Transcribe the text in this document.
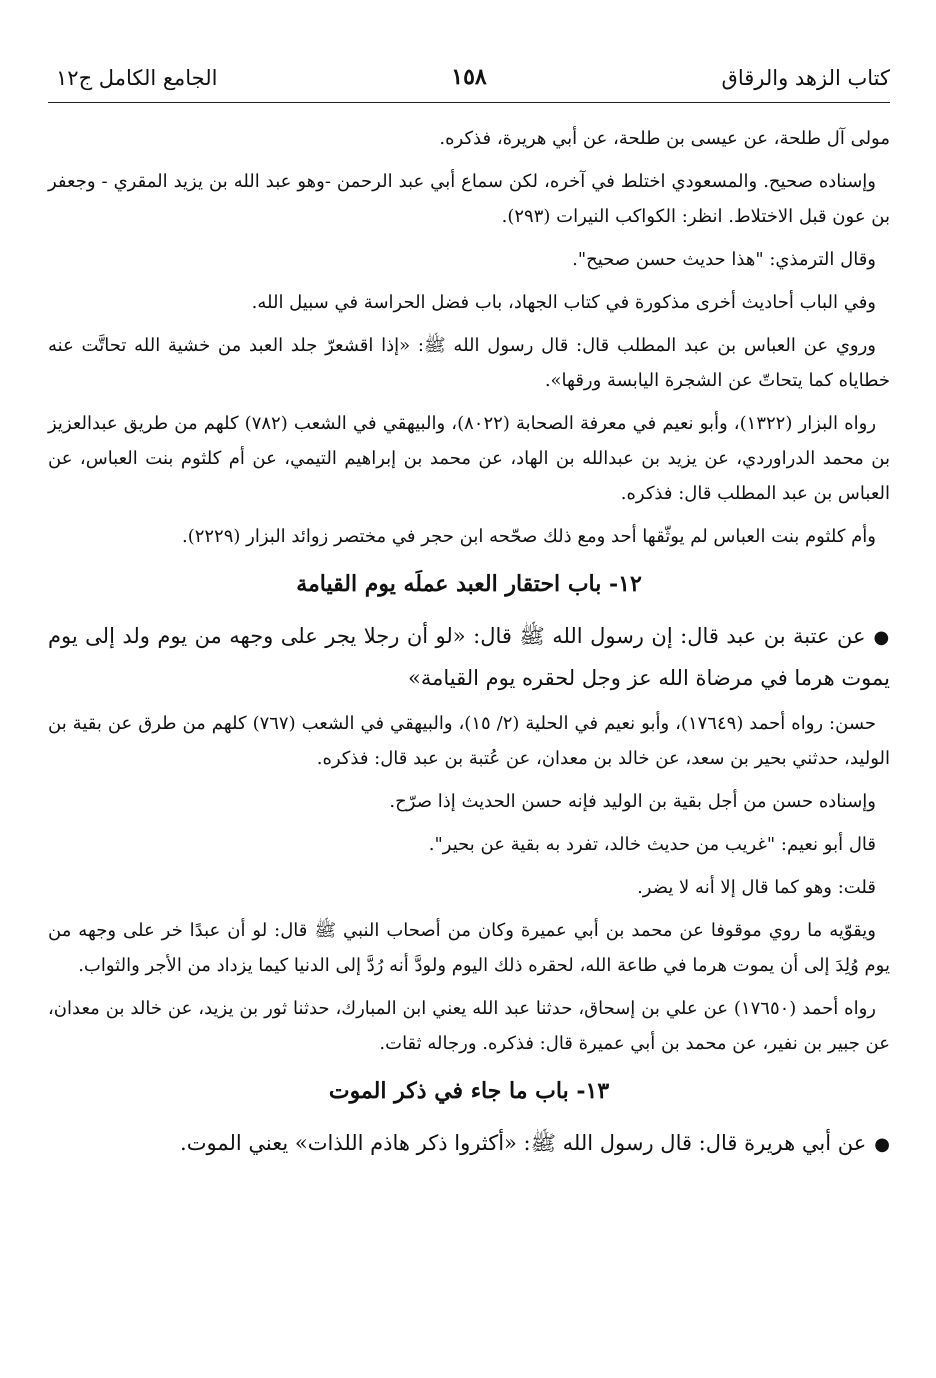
كتاب الزهد والرقاق
١٥٨
الجامع الكامل ج١٢

مولى آل طلحة، عن عيسى بن طلحة، عن أبي هريرة، فذكره.

وإسناده صحيح. والمسعودي اختلط في آخره، لكن سماع أبي عبد الرحمن -وهو عبد الله بن يزيد المقري - وجعفر بن عون قبل الاختلاط. انظر: الكواكب النيرات (٢٩٣).

وقال الترمذي: "هذا حديث حسن صحيح".

وفي الباب أحاديث أخرى مذكورة في كتاب الجهاد، باب فضل الحراسة في سبيل الله.

وروي عن العباس بن عبد المطلب قال: قال رسول الله ﷺ: «إذا اقشعرّ جلد العبد من خشية الله تحاتَّت عنه خطاياه كما يتحاتّ عن الشجرة اليابسة ورقها».

رواه البزار (١٣٢٢)، وأبو نعيم في معرفة الصحابة (٨٠٢٢)، والبيهقي في الشعب (٧٨٢) كلهم من طريق عبدالعزيز بن محمد الدراوردي، عن يزيد بن عبدالله بن الهاد، عن محمد بن إبراهيم التيمي، عن أم كلثوم بنت العباس، عن العباس بن عبد المطلب قال: فذكره.

وأم كلثوم بنت العباس لم يوثّقها أحد ومع ذلك صحّحه ابن حجر في مختصر زوائد البزار (٢٢٢٩).

١٢- باب احتقار العبد عملَه يوم القيامة

●عن عتبة بن عبد قال: إن رسول الله ﷺ قال: «لو أن رجلا يجر على وجهه من يوم ولد إلى يوم يموت هرما في مرضاة الله عز وجل لحقره يوم القيامة»

حسن: رواه أحمد (١٧٦٤٩)، وأبو نعيم في الحلية (٢/ ١٥)، والبيهقي في الشعب (٧٦٧) كلهم من طرق عن بقية بن الوليد، حدثني بحير بن سعد، عن خالد بن معدان، عن عُتبة بن عبد قال: فذكره.

وإسناده حسن من أجل بقية بن الوليد فإنه حسن الحديث إذا صرّح.

قال أبو نعيم: "غريب من حديث خالد، تفرد به بقية عن بحير".

قلت: وهو كما قال إلا أنه لا يضر.

ويقوّيه ما روي موقوفا عن محمد بن أبي عميرة وكان من أصحاب النبي ﷺ قال: لو أن عبدًا خر على وجهه من يوم وُلِدَ إلى أن يموت هرما في طاعة الله، لحقره ذلك اليوم ولودَّ أنه رُدَّ إلى الدنيا كيما يزداد من الأجر والثواب.

رواه أحمد (١٧٦٥٠) عن علي بن إسحاق، حدثنا عبد الله يعني ابن المبارك، حدثنا ثور بن يزيد، عن خالد بن معدان، عن جبير بن نفير، عن محمد بن أبي عميرة قال: فذكره. ورجاله ثقات.

١٣- باب ما جاء في ذكر الموت

●عن أبي هريرة قال: قال رسول الله ﷺ: «أكثروا ذكر هاذم اللذات» يعني الموت.
